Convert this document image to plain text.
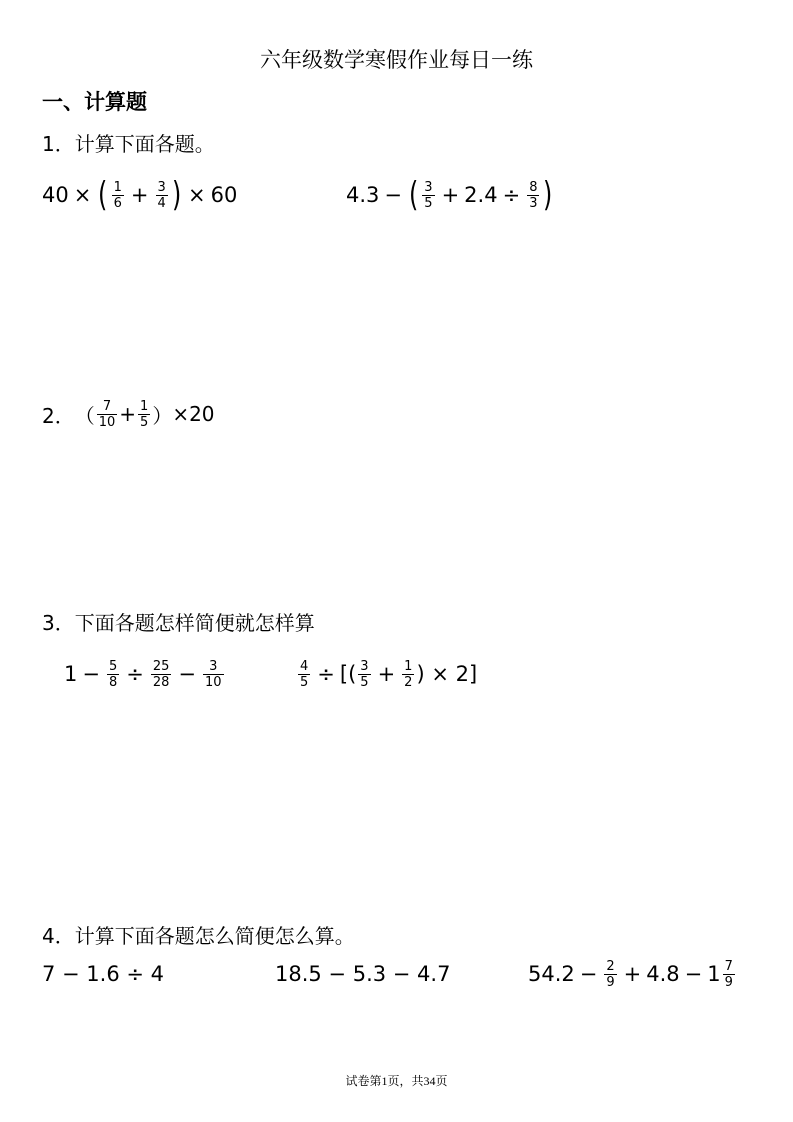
六年级数学寒假作业每日一练
一、计算题
1．计算下面各题。
40 × ( $\frac{1}{6} + \frac{3}{4}$ ) × 60	4.3 − ( $\frac{3}{5} + 2.4 \div \frac{8}{3}$ )
2． （ $\frac{7}{10} + \frac{1}{5}$ ） ×20
3．下面各题怎样简便就怎样算
$1 - \frac{5}{8} \div \frac{25}{28} - \frac{3}{10}$	$\frac{4}{5}$ ÷ [( $\frac{3}{5} + \frac{1}{2}$ ) × 2]
4．计算下面各题怎么简便怎么算。
7 − 1.6 ÷ 4	18.5 − 5.3 − 4.7	$54.2 - \frac{2}{9} + 4.8 - 1 \frac{7}{9}$
试卷第1页，共34页
